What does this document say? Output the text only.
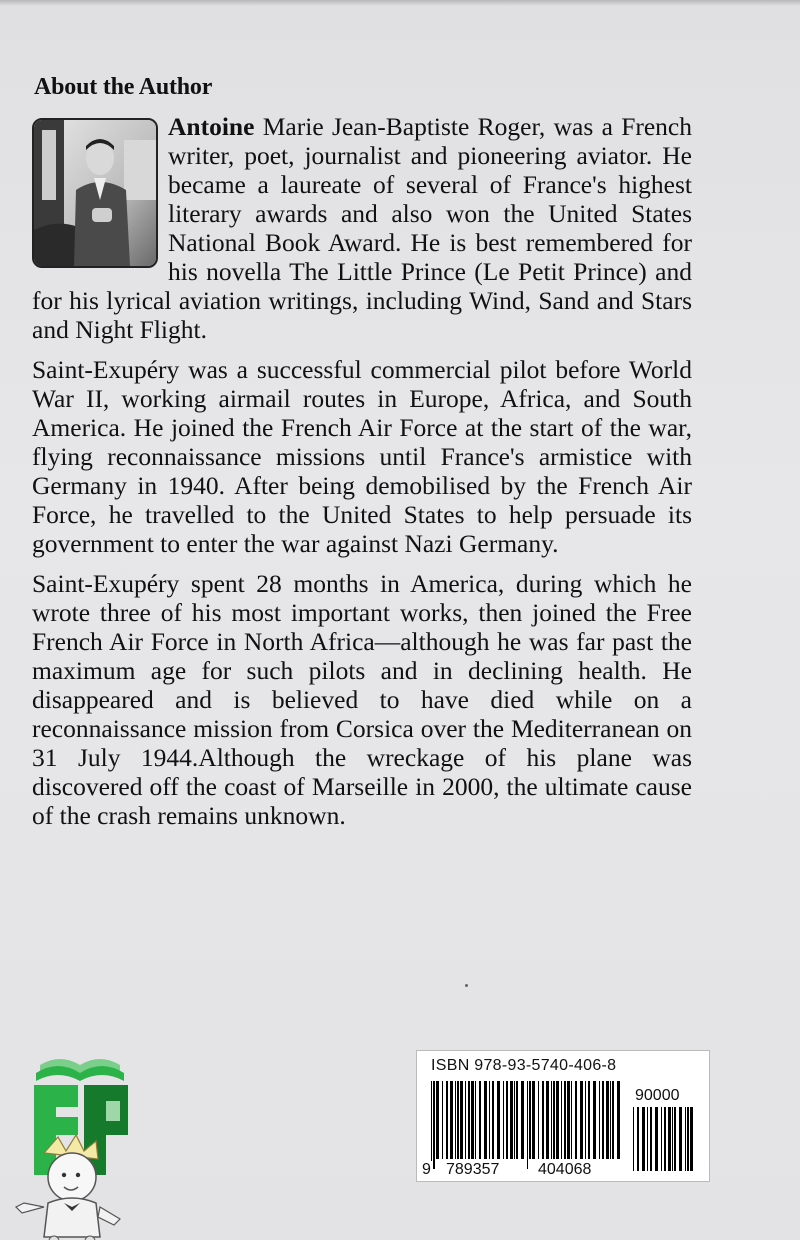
About the Author

Antoine Marie Jean-Baptiste Roger, was a French writer, poet, journalist and pioneering aviator. He became a laureate of several of France's highest literary awards and also won the United States National Book Award. He is best remembered for his novella The Little Prince (Le Petit Prince) and for his lyrical aviation writings, including Wind, Sand and Stars and Night Flight.

Saint-Exupéry was a successful commercial pilot before World War II, working airmail routes in Europe, Africa, and South America. He joined the French Air Force at the start of the war, flying reconnaissance missions until France's armistice with Germany in 1940. After being demobilised by the French Air Force, he travelled to the United States to help persuade its government to enter the war against Nazi Germany.

Saint-Exupéry spent 28 months in America, during which he wrote three of his most important works, then joined the Free French Air Force in North Africa—although he was far past the maximum age for such pilots and in declining health. He disappeared and is believed to have died while on a reconnaissance mission from Corsica over the Mediterranean on 31 July 1944.Although the wreckage of his plane was discovered off the coast of Marseille in 2000, the ultimate cause of the crash remains unknown.

ISBN 978-93-5740-406-8
90000
9 789357 404068
